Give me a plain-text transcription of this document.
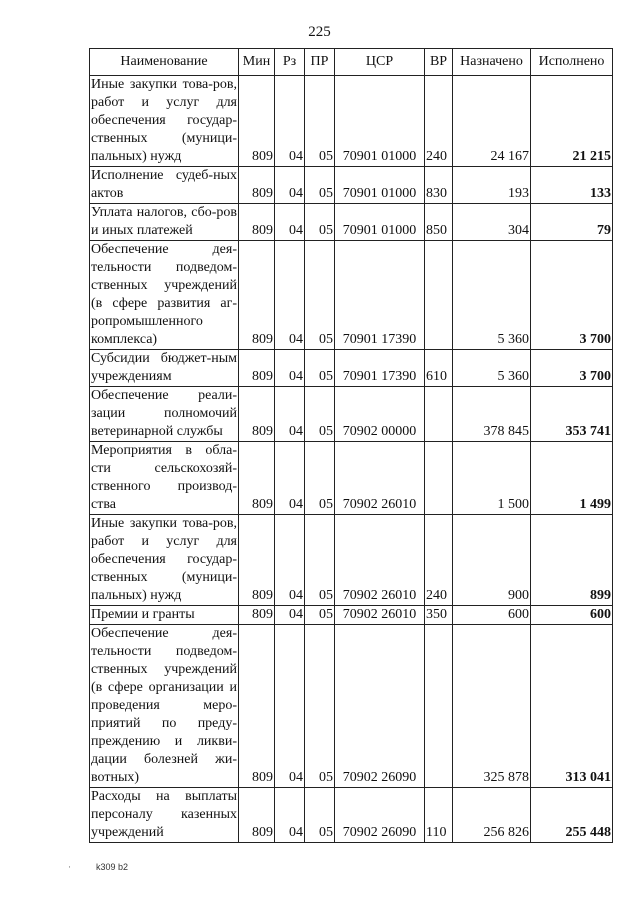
225
Наименование	Мин	Рз	ПР	ЦСР	ВР	Назначено	Исполнено
Иные закупки това-ров, работ и услуг для обеспечения государ-ственных (муници-пальных) нужд	809	04	05	70901 01000	240	24 167	21 215
Исполнение судеб-ных актов	809	04	05	70901 01000	830	193	133
Уплата налогов, сбо-ров и иных платежей	809	04	05	70901 01000	850	304	79
Обеспечение дея-тельности подведом-ственных учреждений (в сфере развития аг-ропромышленного комплекса)	809	04	05	70901 17390		5 360	3 700
Субсидии бюджет-ным учреждениям	809	04	05	70901 17390	610	5 360	3 700
Обеспечение реали-зации полномочий ветеринарной службы	809	04	05	70902 00000		378 845	353 741
Мероприятия в обла-сти сельскохозяй-ственного производ-ства	809	04	05	70902 26010		1 500	1 499
Иные закупки това-ров, работ и услуг для обеспечения государ-ственных (муници-пальных) нужд	809	04	05	70902 26010	240	900	899
Премии и гранты	809	04	05	70902 26010	350	600	600
Обеспечение дея-тельности подведом-ственных учреждений (в сфере организации и проведения меро-приятий по преду-преждению и ликви-дации болезней жи-вотных)	809	04	05	70902 26090		325 878	313 041
Расходы на выплаты персоналу казенных учреждений	809	04	05	70902 26090	110	256 826	255 448
·	k309 b2
